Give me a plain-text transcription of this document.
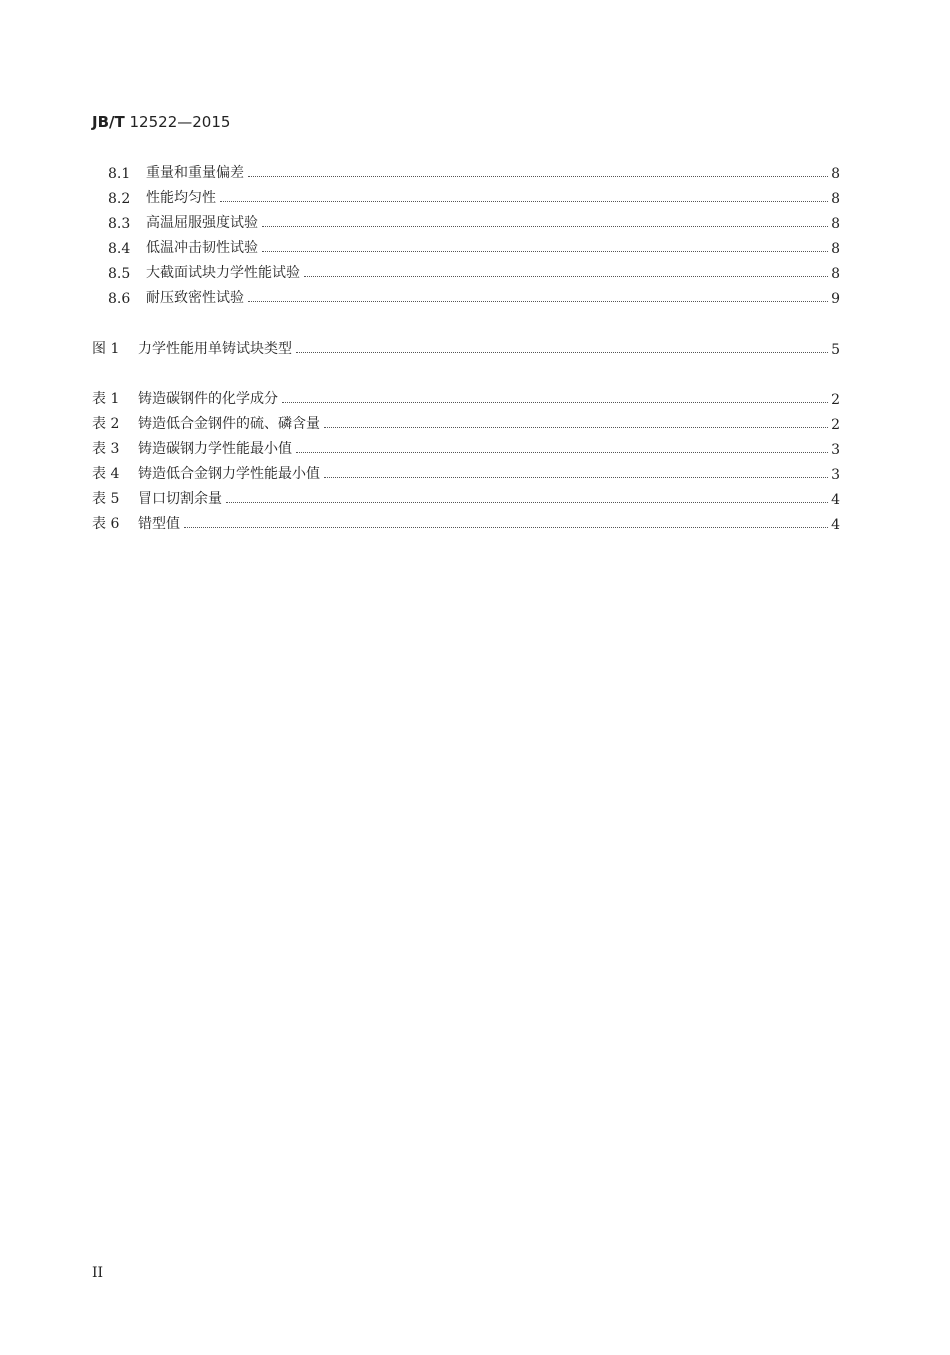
JB/T 12522—2015
8.1	重量和重量偏差	8
8.2	性能均匀性	8
8.3	高温屈服强度试验	8
8.4	低温冲击韧性试验	8
8.5	大截面试块力学性能试验	8
8.6	耐压致密性试验	9
图 1	力学性能用单铸试块类型	5
表 1	铸造碳钢件的化学成分	2
表 2	铸造低合金钢件的硫、磷含量	2
表 3	铸造碳钢力学性能最小值	3
表 4	铸造低合金钢力学性能最小值	3
表 5	冒口切割余量	4
表 6	错型值	4
II
